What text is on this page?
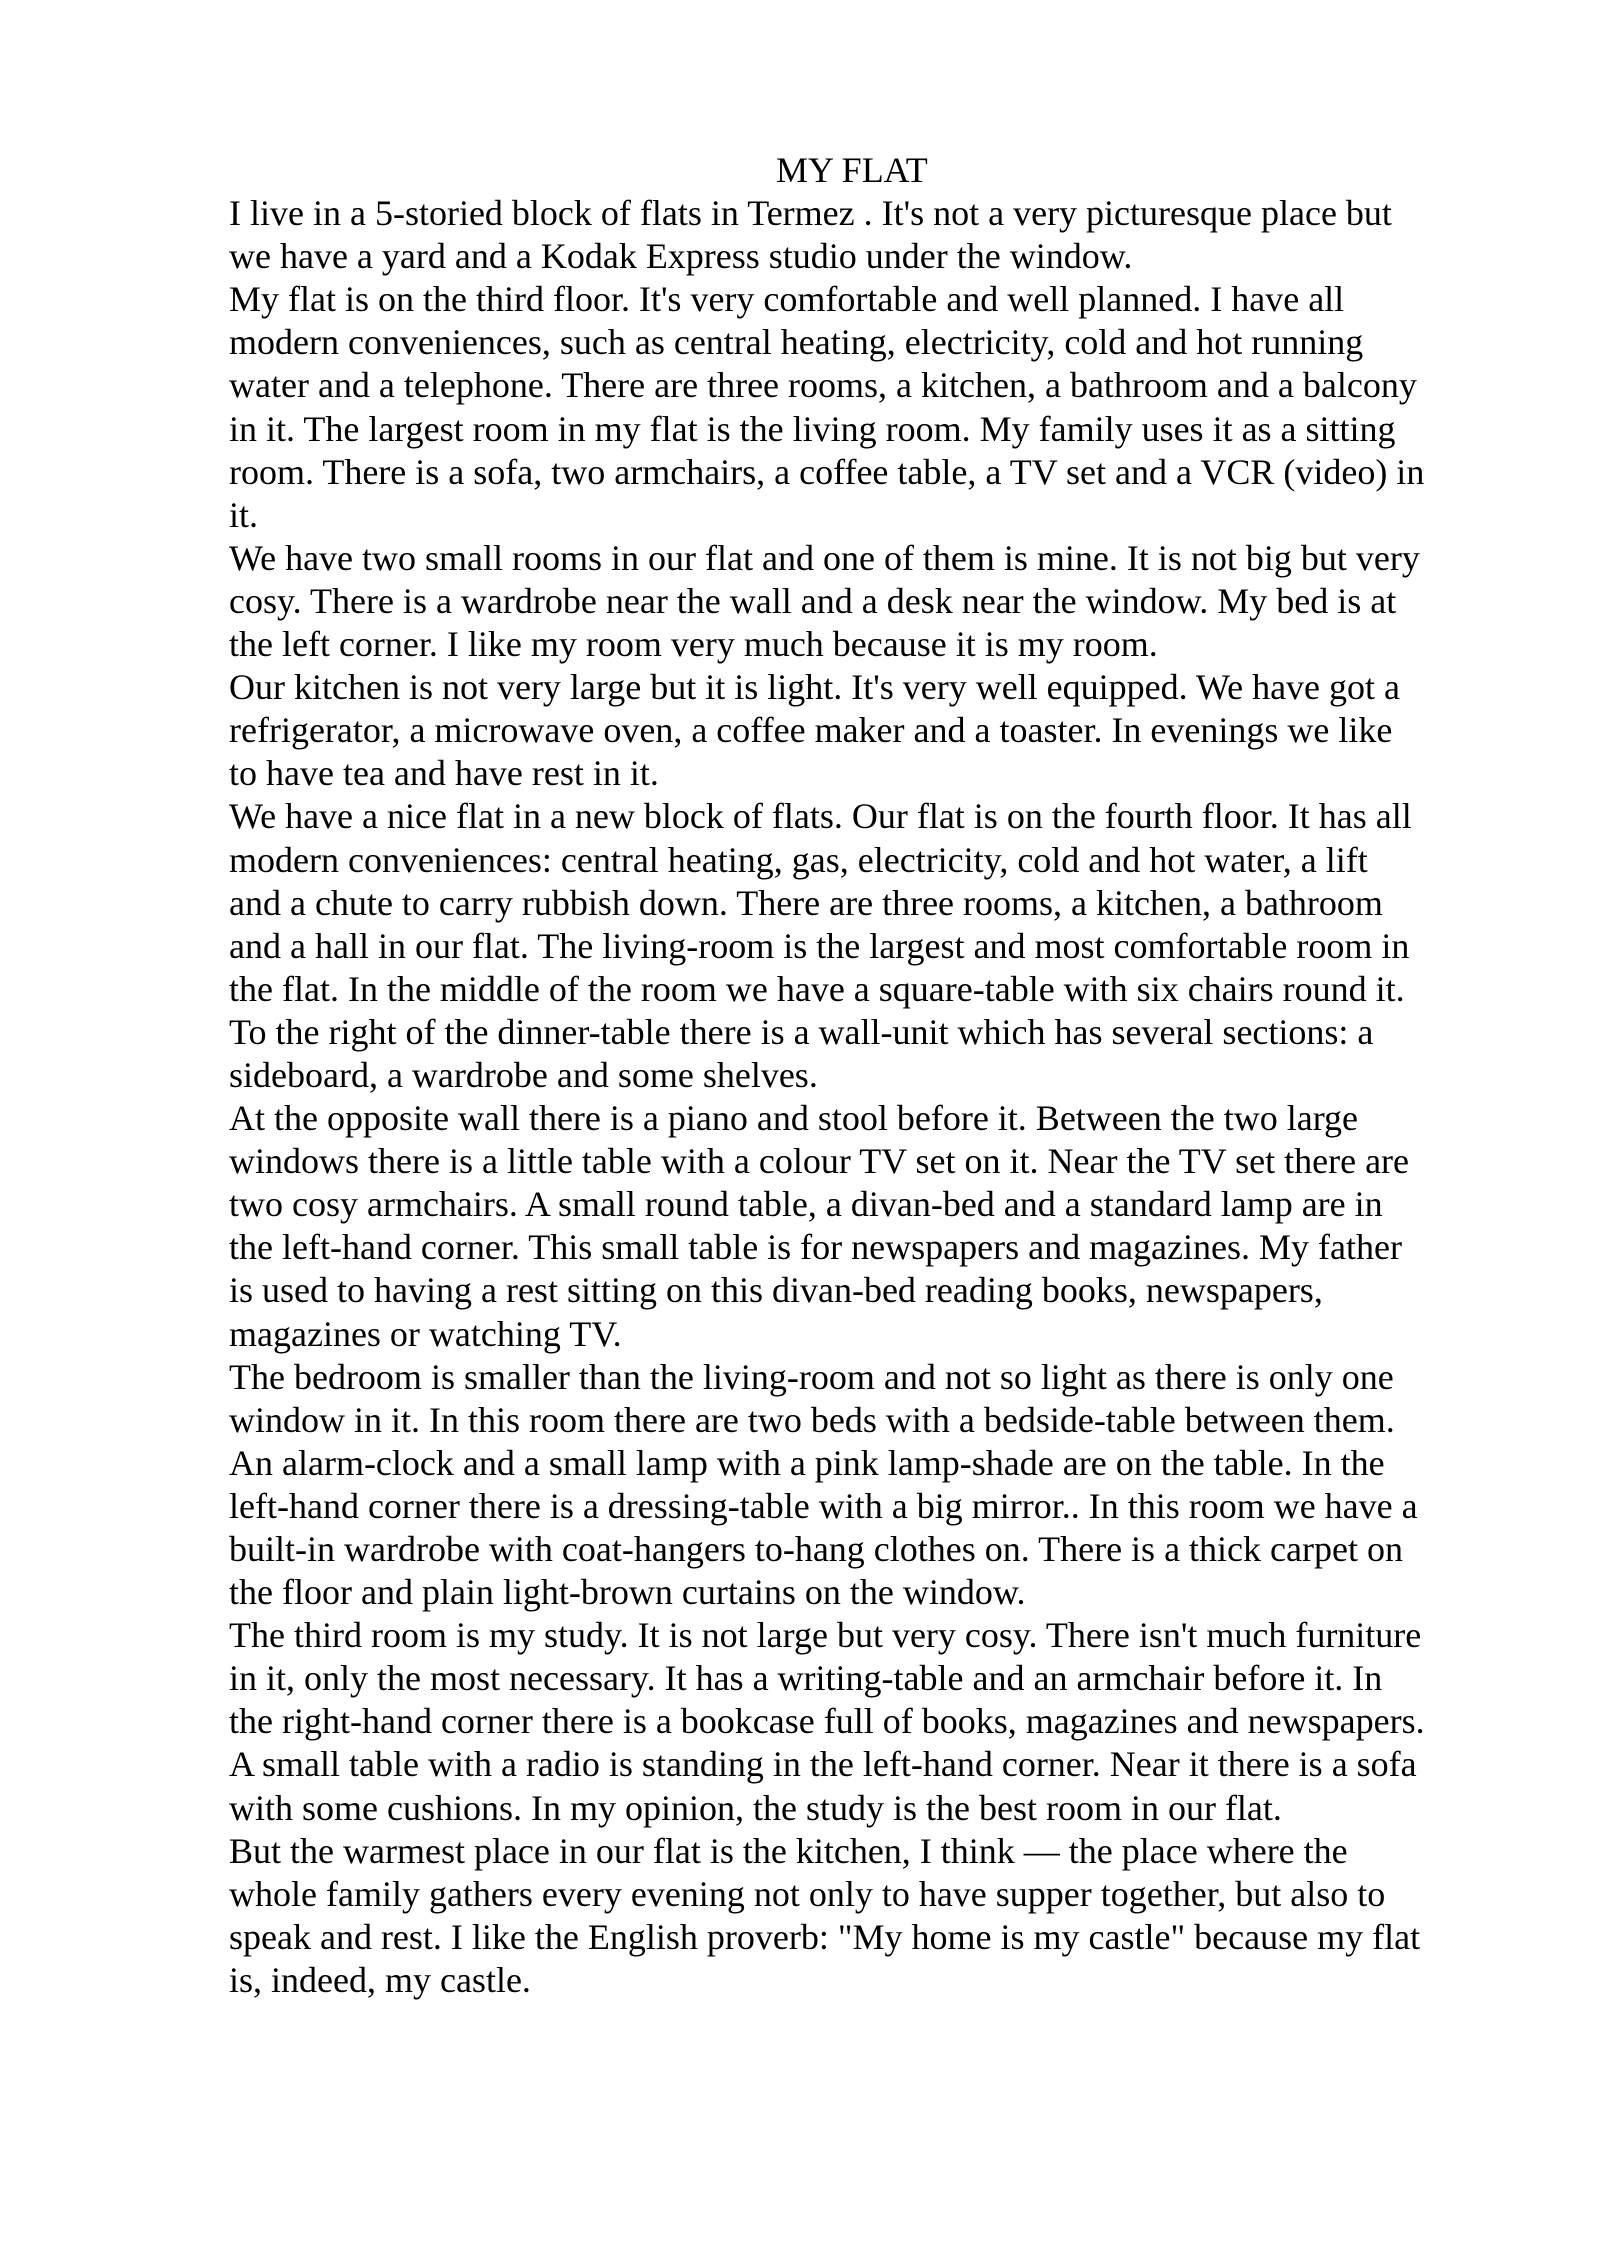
MY FLAT

I live in a 5-storied block of flats in Termez . It's not a very picturesque place but
we have a yard and a Kodak Express studio under the window.

My flat is on the third floor. It's very comfortable and well planned. I have all
modern conveniences, such as central heating, electricity, cold and hot running
water and a telephone. There are three rooms, a kitchen, a bathroom and a balcony
in it. The largest room in my flat is the living room. My family uses it as a sitting
room. There is a sofa, two armchairs, a coffee table, a TV set and a VCR (video) in
it.

We have two small rooms in our flat and one of them is mine. It is not big but very
cosy. There is a wardrobe near the wall and a desk near the window. My bed is at
the left corner. I like my room very much because it is my room.

Our kitchen is not very large but it is light. It's very well equipped. We have got a
refrigerator, a microwave oven, a coffee maker and a toaster. In evenings we like
to have tea and have rest in it.

We have a nice flat in a new block of flats. Our flat is on the fourth floor. It has all
modern conveniences: central heating, gas, electricity, cold and hot water, a lift
and a chute to carry rubbish down. There are three rooms, a kitchen, a bathroom
and a hall in our flat. The living-room is the largest and most comfortable room in
the flat. In the middle of the room we have a square-table with six chairs round it.
To the right of the dinner-table there is a wall-unit which has several sections: a
sideboard, a wardrobe and some shelves.

At the opposite wall there is a piano and stool before it. Between the two large
windows there is a little table with a colour TV set on it. Near the TV set there are
two cosy armchairs. A small round table, a divan-bed and a standard lamp are in
the left-hand corner. This small table is for newspapers and magazines. My father
is used to having a rest sitting on this divan-bed reading books, newspapers,
magazines or watching TV.

The bedroom is smaller than the living-room and not so light as there is only one
window in it. In this room there are two beds with a bedside-table between them.
An alarm-clock and a small lamp with a pink lamp-shade are on the table. In the
left-hand corner there is a dressing-table with a big mirror.. In this room we have a
built-in wardrobe with coat-hangers to-hang clothes on. There is a thick carpet on
the floor and plain light-brown curtains on the window.

The third room is my study. It is not large but very cosy. There isn't much furniture
in it, only the most necessary. It has a writing-table and an armchair before it. In
the right-hand corner there is a bookcase full of books, magazines and newspapers.
A small table with a radio is standing in the left-hand corner. Near it there is a sofa
with some cushions. In my opinion, the study is the best room in our flat.

But the warmest place in our flat is the kitchen, I think — the place where the
whole family gathers every evening not only to have supper together, but also to
speak and rest. I like the English proverb: "My home is my castle" because my flat
is, indeed, my castle.
